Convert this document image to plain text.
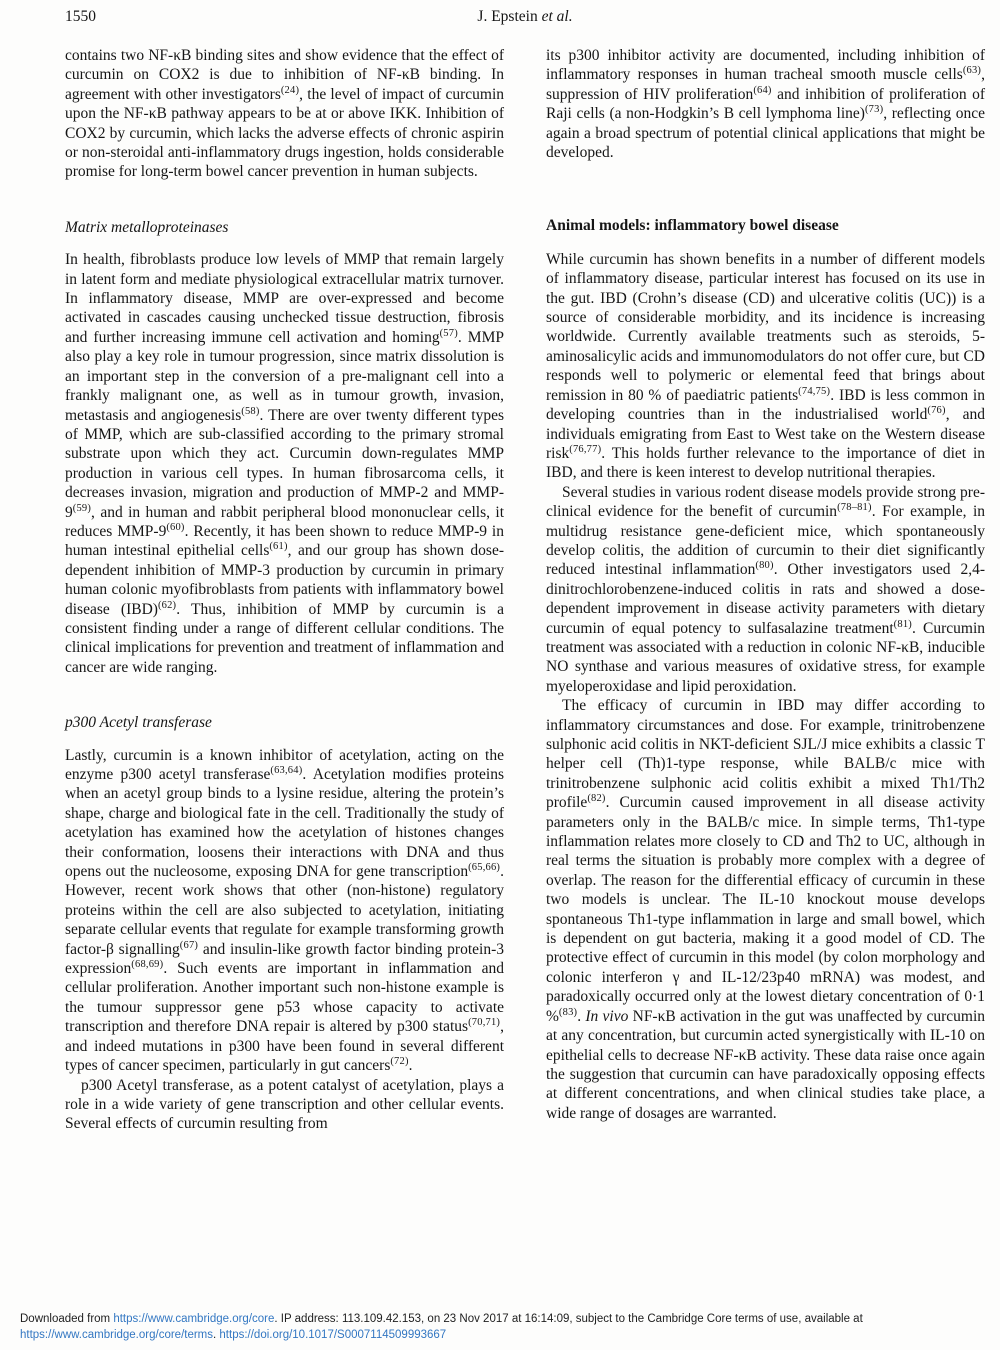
1550	J. Epstein et al.

contains two NF-κB binding sites and show evidence that the effect of curcumin on COX2 is due to inhibition of NF-κB binding. In agreement with other investigators$^{(24)}$, the level of impact of curcumin upon the NF-κB pathway appears to be at or above IKK. Inhibition of COX2 by curcumin, which lacks the adverse effects of chronic aspirin or non-steroidal anti-inflammatory drugs ingestion, holds considerable promise for long-term bowel cancer prevention in human subjects.

Matrix metalloproteinases

In health, fibroblasts produce low levels of MMP that remain largely in latent form and mediate physiological extracellular matrix turnover. In inflammatory disease, MMP are over-expressed and become activated in cascades causing unchecked tissue destruction, fibrosis and further increasing immune cell activation and homing$^{(57)}$. MMP also play a key role in tumour progression, since matrix dissolution is an important step in the conversion of a pre-malignant cell into a frankly malignant one, as well as in tumour growth, invasion, metastasis and angiogenesis$^{(58)}$. There are over twenty different types of MMP, which are sub-classified according to the primary stromal substrate upon which they act. Curcumin down-regulates MMP production in various cell types. In human fibrosarcoma cells, it decreases invasion, migration and production of MMP-2 and MMP-9$^{(59)}$, and in human and rabbit peripheral blood mononuclear cells, it reduces MMP-9$^{(60)}$. Recently, it has been shown to reduce MMP-9 in human intestinal epithelial cells$^{(61)}$, and our group has shown dose-dependent inhibition of MMP-3 production by curcumin in primary human colonic myofibroblasts from patients with inflammatory bowel disease (IBD)$^{(62)}$. Thus, inhibition of MMP by curcumin is a consistent finding under a range of different cellular conditions. The clinical implications for prevention and treatment of inflammation and cancer are wide ranging.

p300 Acetyl transferase

Lastly, curcumin is a known inhibitor of acetylation, acting on the enzyme p300 acetyl transferase$^{(63,64)}$. Acetylation modifies proteins when an acetyl group binds to a lysine residue, altering the protein’s shape, charge and biological fate in the cell. Traditionally the study of acetylation has examined how the acetylation of histones changes their conformation, loosens their interactions with DNA and thus opens out the nucleosome, exposing DNA for gene transcription$^{(65,66)}$. However, recent work shows that other (non-histone) regulatory proteins within the cell are also subjected to acetylation, initiating separate cellular events that regulate for example transforming growth factor-β signalling$^{(67)}$ and insulin-like growth factor binding protein-3 expression$^{(68,69)}$. Such events are important in inflammation and cellular proliferation. Another important such non-histone example is the tumour suppressor gene p53 whose capacity to activate transcription and therefore DNA repair is altered by p300 status$^{(70,71)}$, and indeed mutations in p300 have been found in several different types of cancer specimen, particularly in gut cancers$^{(72)}$.

p300 Acetyl transferase, as a potent catalyst of acetylation, plays a role in a wide variety of gene transcription and other cellular events. Several effects of curcumin resulting from

its p300 inhibitor activity are documented, including inhibition of inflammatory responses in human tracheal smooth muscle cells$^{(63)}$, suppression of HIV proliferation$^{(64)}$ and inhibition of proliferation of Raji cells (a non-Hodgkin’s B cell lymphoma line)$^{(73)}$, reflecting once again a broad spectrum of potential clinical applications that might be developed.

Animal models: inflammatory bowel disease

While curcumin has shown benefits in a number of different models of inflammatory disease, particular interest has focused on its use in the gut. IBD (Crohn’s disease (CD) and ulcerative colitis (UC)) is a source of considerable morbidity, and its incidence is increasing worldwide. Currently available treatments such as steroids, 5-aminosalicylic acids and immunomodulators do not offer cure, but CD responds well to polymeric or elemental feed that brings about remission in 80 % of paediatric patients$^{(74,75)}$. IBD is less common in developing countries than in the industrialised world$^{(76)}$, and individuals emigrating from East to West take on the Western disease risk$^{(76,77)}$. This holds further relevance to the importance of diet in IBD, and there is keen interest to develop nutritional therapies.

Several studies in various rodent disease models provide strong pre-clinical evidence for the benefit of curcumin$^{(78-81)}$. For example, in multidrug resistance gene-deficient mice, which spontaneously develop colitis, the addition of curcumin to their diet significantly reduced intestinal inflammation$^{(80)}$. Other investigators used 2,4-dinitrochlorobenzene-induced colitis in rats and showed a dose-dependent improvement in disease activity parameters with dietary curcumin of equal potency to sulfasalazine treatment$^{(81)}$. Curcumin treatment was associated with a reduction in colonic NF-κB, inducible NO synthase and various measures of oxidative stress, for example myeloperoxidase and lipid peroxidation.

The efficacy of curcumin in IBD may differ according to inflammatory circumstances and dose. For example, trinitrobenzene sulphonic acid colitis in NKT-deficient SJL/J mice exhibits a classic T helper cell (Th)1-type response, while BALB/c mice with trinitrobenzene sulphonic acid colitis exhibit a mixed Th1/Th2 profile$^{(82)}$. Curcumin caused improvement in all disease activity parameters only in the BALB/c mice. In simple terms, Th1-type inflammation relates more closely to CD and Th2 to UC, although in real terms the situation is probably more complex with a degree of overlap. The reason for the differential efficacy of curcumin in these two models is unclear. The IL-10 knockout mouse develops spontaneous Th1-type inflammation in large and small bowel, which is dependent on gut bacteria, making it a good model of CD. The protective effect of curcumin in this model (by colon morphology and colonic interferon γ and IL-12/23p40 mRNA) was modest, and paradoxically occurred only at the lowest dietary concentration of 0·1 %$^{(83)}$. In vivo NF-κB activation in the gut was unaffected by curcumin at any concentration, but curcumin acted synergistically with IL-10 on epithelial cells to decrease NF-κB activity. These data raise once again the suggestion that curcumin can have paradoxically opposing effects at different concentrations, and when clinical studies take place, a wide range of dosages are warranted.

Downloaded from https://www.cambridge.org/core. IP address: 113.109.42.153, on 23 Nov 2017 at 16:14:09, subject to the Cambridge Core terms of use, available at
https://www.cambridge.org/core/terms. https://doi.org/10.1017/S0007114509993667
